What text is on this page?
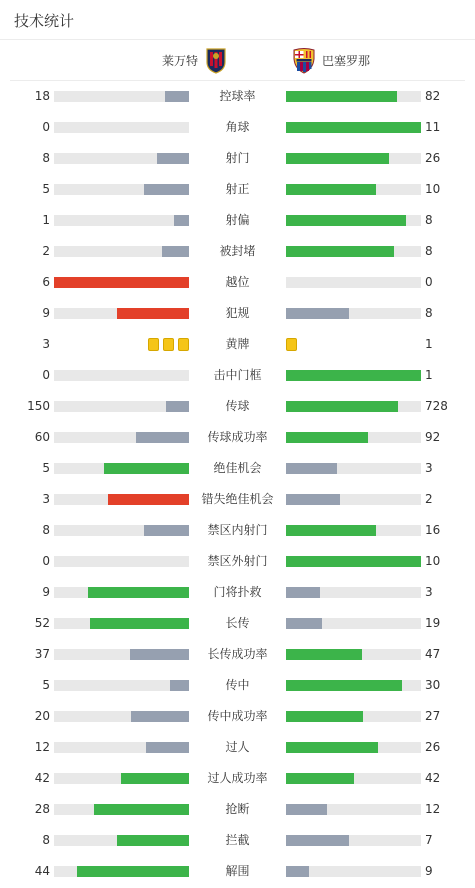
技术统计
莱万特	巴塞罗那
18	控球率	82
0	角球	11
8	射门	26
5	射正	10
1	射偏	8
2	被封堵	8
6	越位	0
9	犯规	8
3	黄牌	1
0	击中门框	1
150	传球	728
60	传球成功率	92
5	绝佳机会	3
3	错失绝佳机会	2
8	禁区内射门	16
0	禁区外射门	10
9	门将扑救	3
52	长传	19
37	长传成功率	47
5	传中	30
20	传中成功率	27
12	过人	26
42	过人成功率	42
28	抢断	12
8	拦截	7
44	解围	9
